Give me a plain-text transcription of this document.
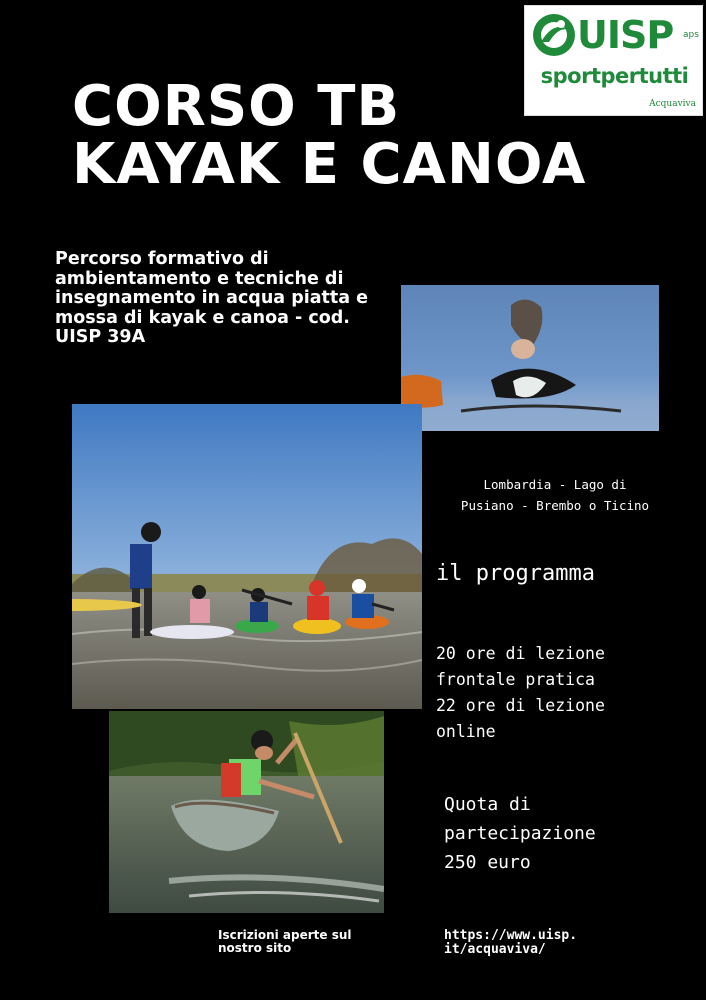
UISP aps
sportpertutti
Acquaviva
CORSO TB
KAYAK E CANOA
Percorso formativo di ambientamento e tecniche di insegnamento in acqua piatta e mossa di kayak e canoa - cod. UISP 39A
Lombardia - Lago di
Pusiano - Brembo o Ticino
il programma
20 ore di lezione
frontale pratica
22 ore di lezione
online
Quota di
partecipazione
250 euro
Iscrizioni aperte sul
nostro sito
https://www.uisp.
it/acquaviva/
